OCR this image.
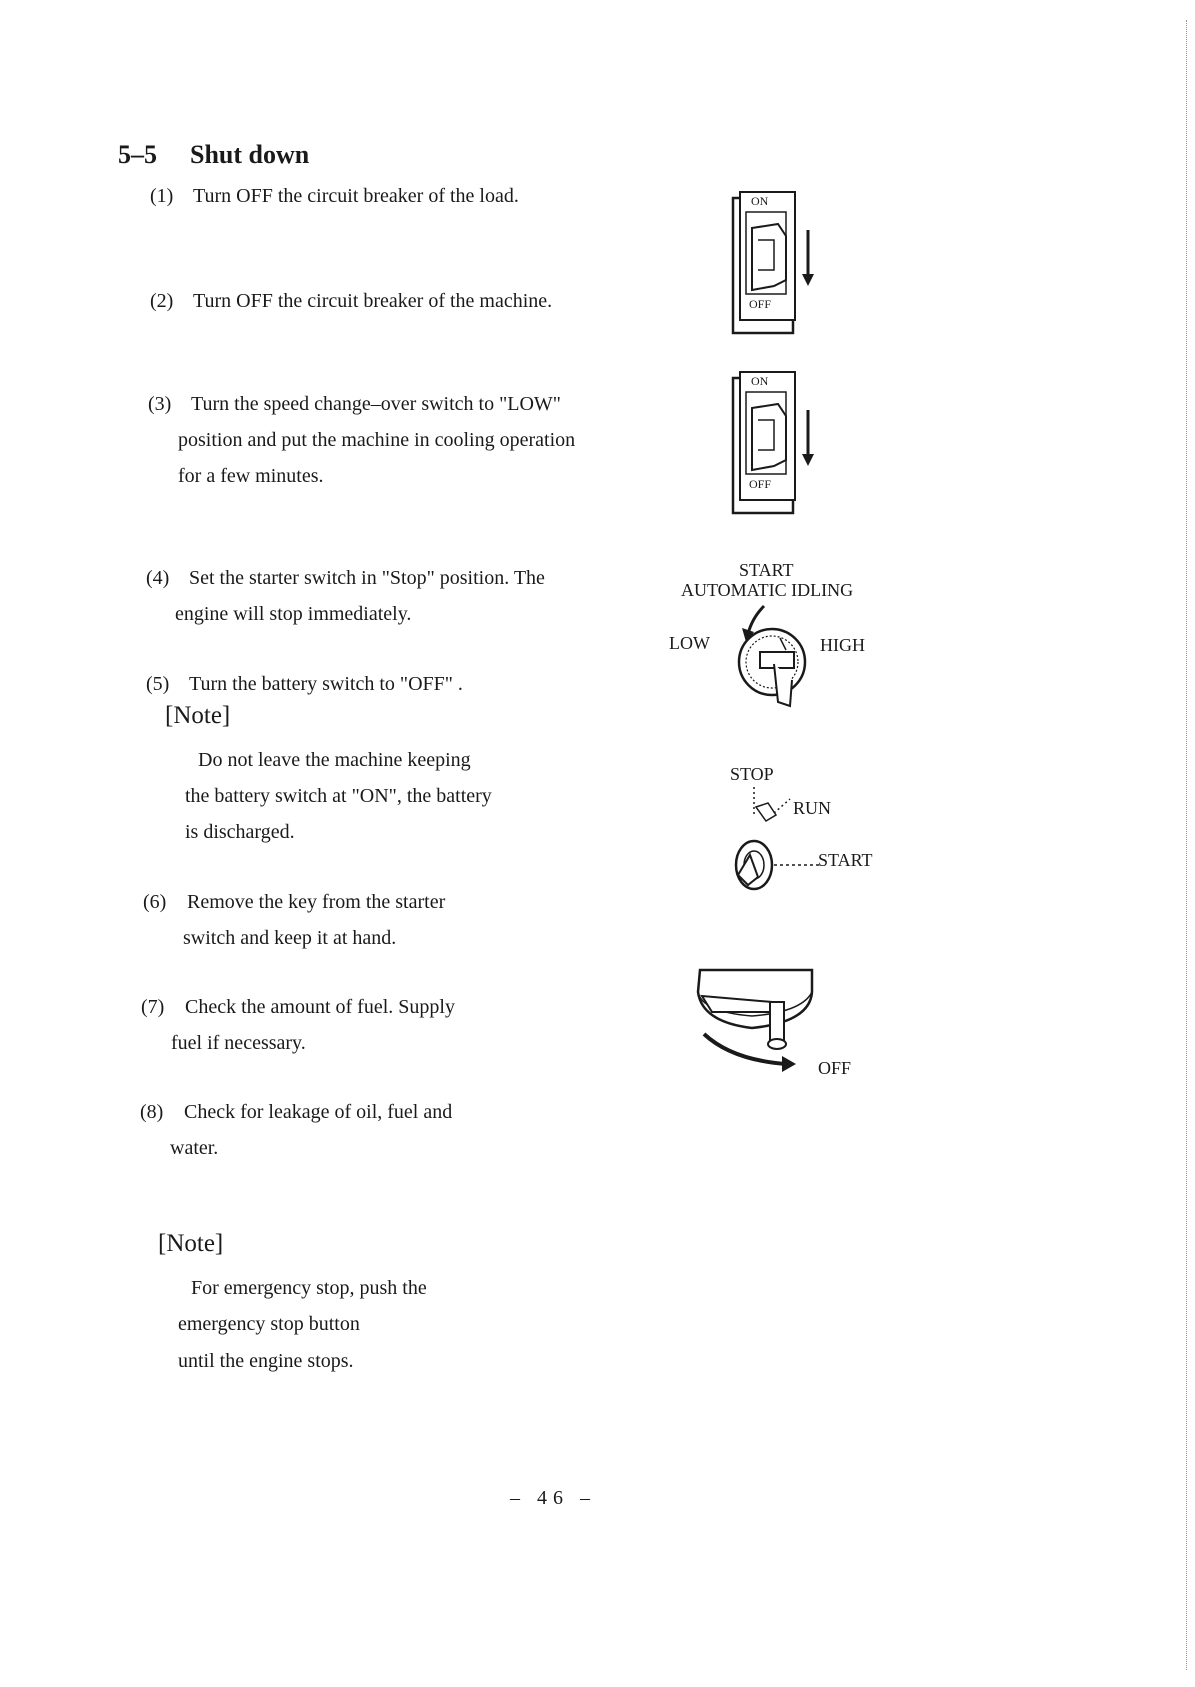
5–5 Shut down
(1) Turn OFF the circuit breaker of the load.
(2) Turn OFF the circuit breaker of the machine.
(3) Turn the speed change–over switch to "LOW"
position and put the machine in cooling operation
for a few minutes.
(4) Set the starter switch in "Stop" position. The
engine will stop immediately.
(5) Turn the battery switch to "OFF" .
[Note]
Do not leave the machine keeping
the battery switch at "ON", the battery
is discharged.
(6) Remove the key from the starter
switch and keep it at hand.
(7) Check the amount of fuel. Supply
fuel if necessary.
(8) Check for leakage of oil, fuel and
water.
[Note]
For emergency stop, push the
emergency stop button
until the engine stops.
ON
OFF
ON
OFF
START
AUTOMATIC IDLING
LOW	HIGH
STOP
RUN
START
OFF
– 46 –
